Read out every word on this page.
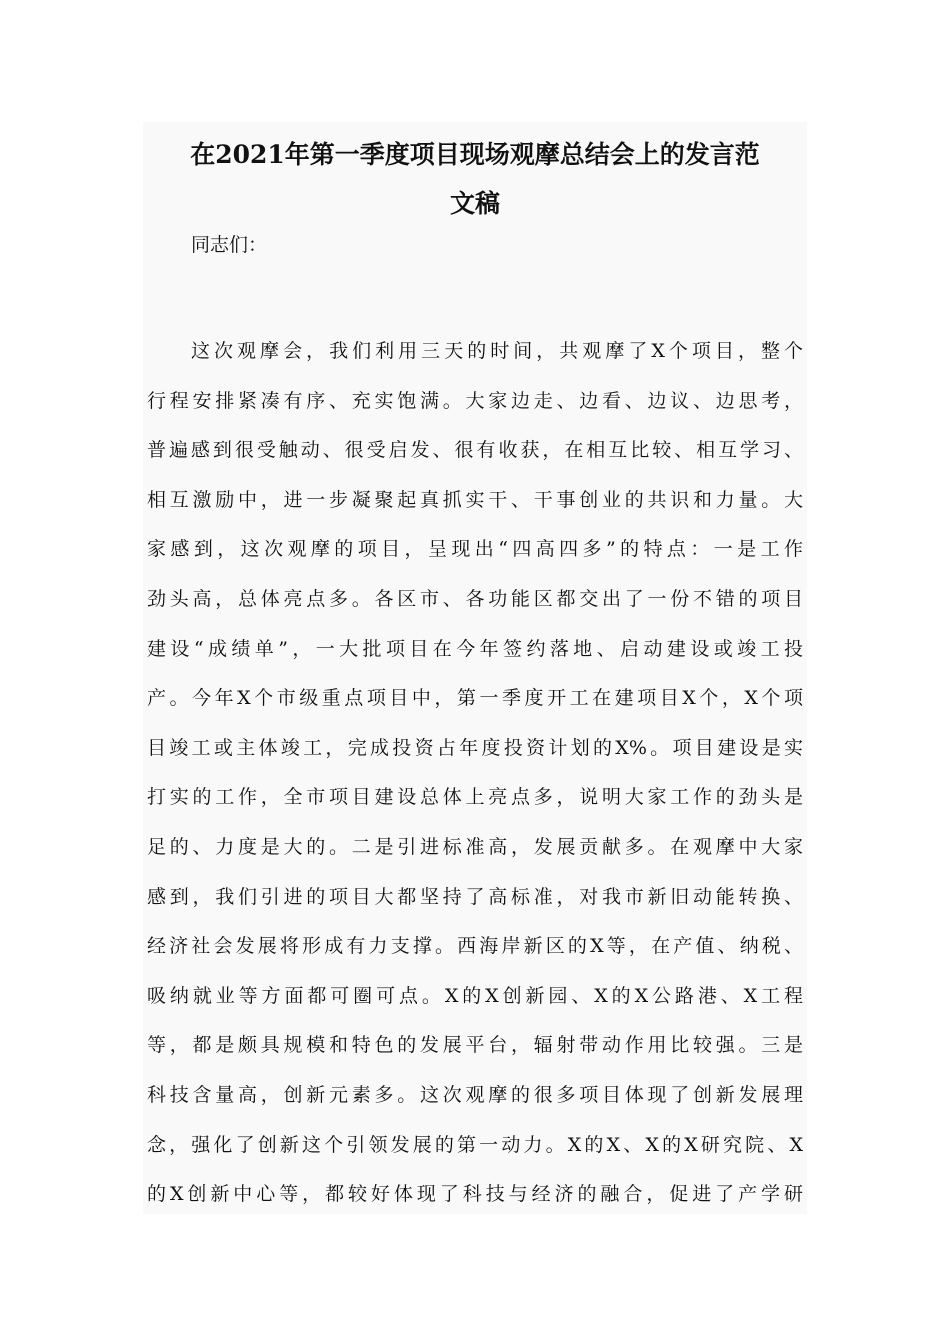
在2021年第一季度项目现场观摩总结会上的发言范
文稿

同志们：

这次观摩会，我们利用三天的时间，共观摩了X个项目，整个
行程安排紧凑有序、充实饱满。大家边走、边看、边议、边思考，
普遍感到很受触动、很受启发、很有收获，在相互比较、相互学习、
相互激励中，进一步凝聚起真抓实干、干事创业的共识和力量。大
家感到，这次观摩的项目，呈现出“四高四多”的特点：一是工作
劲头高，总体亮点多。各区市、各功能区都交出了一份不错的项目
建设“成绩单”，一大批项目在今年签约落地、启动建设或竣工投
产。今年X个市级重点项目中，第一季度开工在建项目X个，X个项
目竣工或主体竣工，完成投资占年度投资计划的X%。项目建设是实
打实的工作，全市项目建设总体上亮点多，说明大家工作的劲头是
足的、力度是大的。二是引进标准高，发展贡献多。在观摩中大家
感到，我们引进的项目大都坚持了高标准，对我市新旧动能转换、
经济社会发展将形成有力支撑。西海岸新区的X等，在产值、纳税、
吸纳就业等方面都可圈可点。X的X创新园、X的X公路港、X工程
等，都是颇具规模和特色的发展平台，辐射带动作用比较强。三是
科技含量高，创新元素多。这次观摩的很多项目体现了创新发展理
念，强化了创新这个引领发展的第一动力。X的X、X的X研究院、X
的X创新中心等，都较好体现了科技与经济的融合，促进了产学研
